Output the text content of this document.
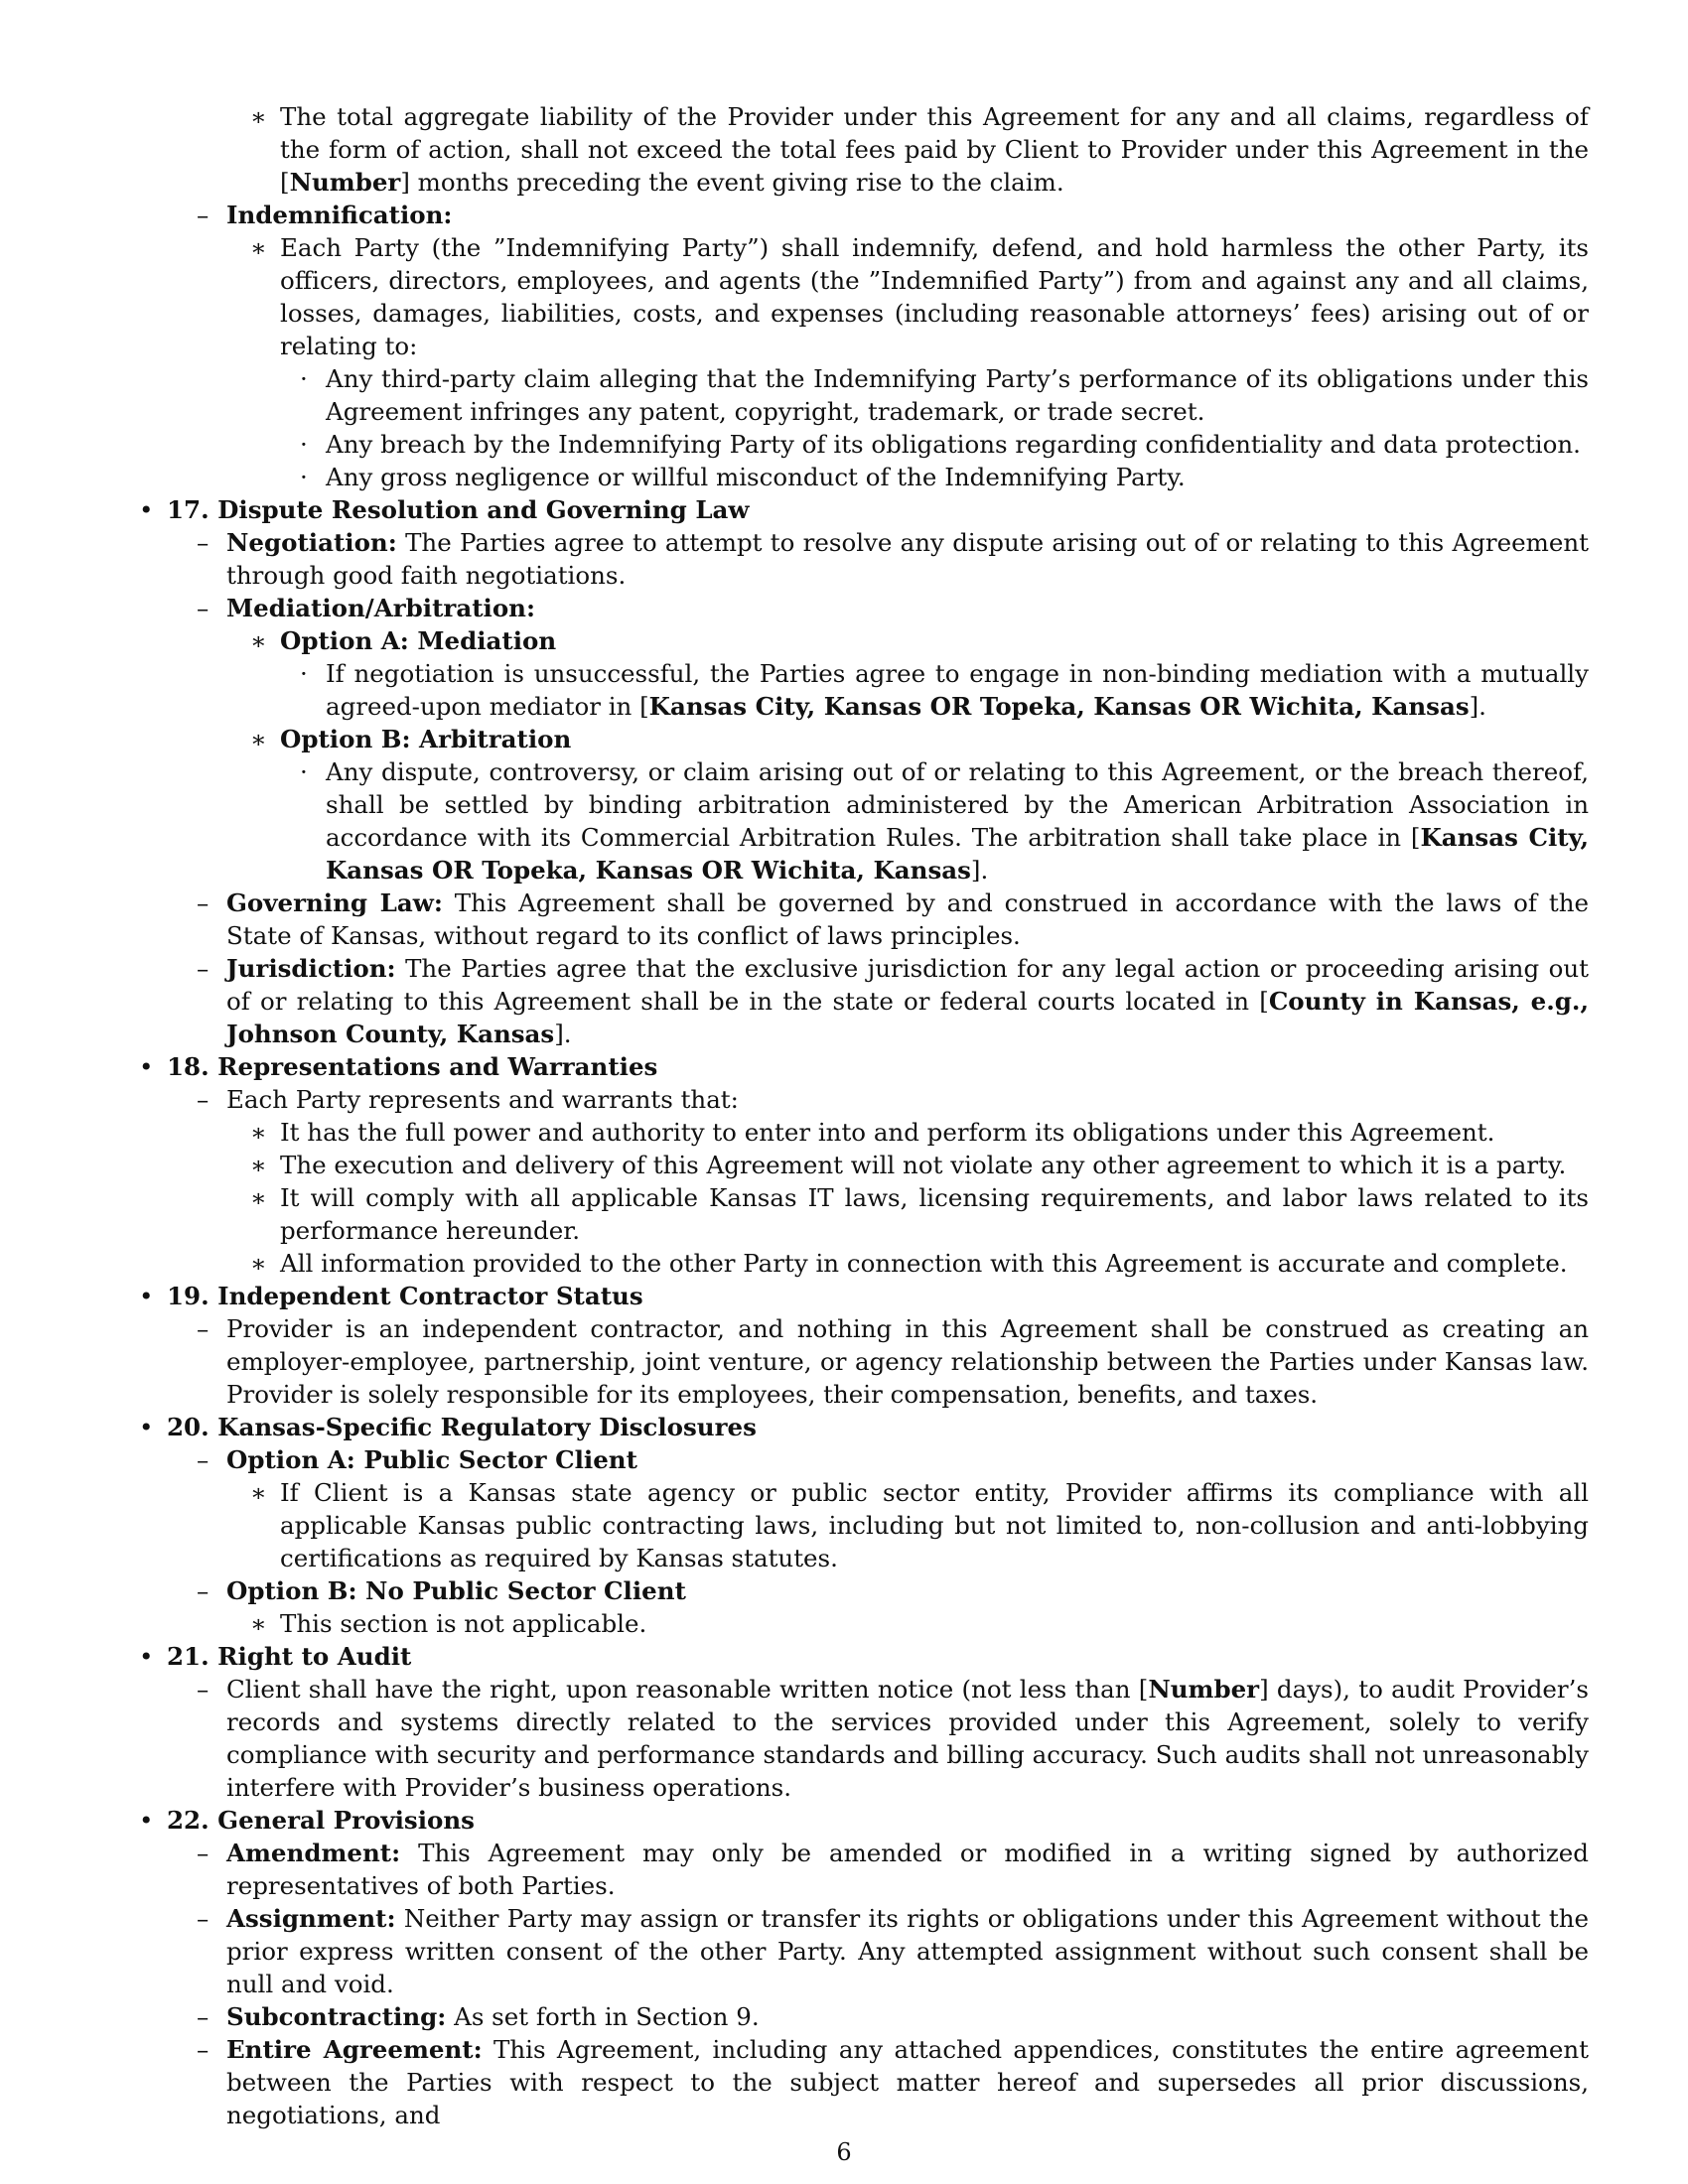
∗ The total aggregate liability of the Provider under this Agreement for any and all claims, regardless of the form of action, shall not exceed the total fees paid by Client to Provider under this Agreement in the [Number] months preceding the event giving rise to the claim.
– Indemnification:
∗ Each Party (the ”Indemnifying Party”) shall indemnify, defend, and hold harmless the other Party, its officers, directors, employees, and agents (the ”Indemnified Party”) from and against any and all claims, losses, damages, liabilities, costs, and expenses (including reasonable attorneys’ fees) arising out of or relating to:
· Any third-party claim alleging that the Indemnifying Party’s performance of its obligations under this Agreement infringes any patent, copyright, trademark, or trade secret.
· Any breach by the Indemnifying Party of its obligations regarding confidentiality and data protection.
· Any gross negligence or willful misconduct of the Indemnifying Party.
• 17. Dispute Resolution and Governing Law
– Negotiation: The Parties agree to attempt to resolve any dispute arising out of or relating to this Agreement through good faith negotiations.
– Mediation/Arbitration:
∗ Option A: Mediation
· If negotiation is unsuccessful, the Parties agree to engage in non-binding mediation with a mutually agreed-upon mediator in [Kansas City, Kansas OR Topeka, Kansas OR Wichita, Kansas].
∗ Option B: Arbitration
· Any dispute, controversy, or claim arising out of or relating to this Agreement, or the breach thereof, shall be settled by binding arbitration administered by the American Arbitration Association in accordance with its Commercial Arbitration Rules. The arbitration shall take place in [Kansas City, Kansas OR Topeka, Kansas OR Wichita, Kansas].
– Governing Law: This Agreement shall be governed by and construed in accordance with the laws of the State of Kansas, without regard to its conflict of laws principles.
– Jurisdiction: The Parties agree that the exclusive jurisdiction for any legal action or proceeding arising out of or relating to this Agreement shall be in the state or federal courts located in [County in Kansas, e.g., Johnson County, Kansas].
• 18. Representations and Warranties
– Each Party represents and warrants that:
∗ It has the full power and authority to enter into and perform its obligations under this Agreement.
∗ The execution and delivery of this Agreement will not violate any other agreement to which it is a party.
∗ It will comply with all applicable Kansas IT laws, licensing requirements, and labor laws related to its performance hereunder.
∗ All information provided to the other Party in connection with this Agreement is accurate and complete.
• 19. Independent Contractor Status
– Provider is an independent contractor, and nothing in this Agreement shall be construed as creating an employer-employee, partnership, joint venture, or agency relationship between the Parties under Kansas law. Provider is solely responsible for its employees, their compensation, benefits, and taxes.
• 20. Kansas-Specific Regulatory Disclosures
– Option A: Public Sector Client
∗ If Client is a Kansas state agency or public sector entity, Provider affirms its compliance with all applicable Kansas public contracting laws, including but not limited to, non-collusion and anti-lobbying certifications as required by Kansas statutes.
– Option B: No Public Sector Client
∗ This section is not applicable.
• 21. Right to Audit
– Client shall have the right, upon reasonable written notice (not less than [Number] days), to audit Provider’s records and systems directly related to the services provided under this Agreement, solely to verify compliance with security and performance standards and billing accuracy. Such audits shall not unreasonably interfere with Provider’s business operations.
• 22. General Provisions
– Amendment: This Agreement may only be amended or modified in a writing signed by authorized representatives of both Parties.
– Assignment: Neither Party may assign or transfer its rights or obligations under this Agreement without the prior express written consent of the other Party. Any attempted assignment without such consent shall be null and void.
– Subcontracting: As set forth in Section 9.
– Entire Agreement: This Agreement, including any attached appendices, constitutes the entire agreement between the Parties with respect to the subject matter hereof and supersedes all prior discussions, negotiations, and
6
